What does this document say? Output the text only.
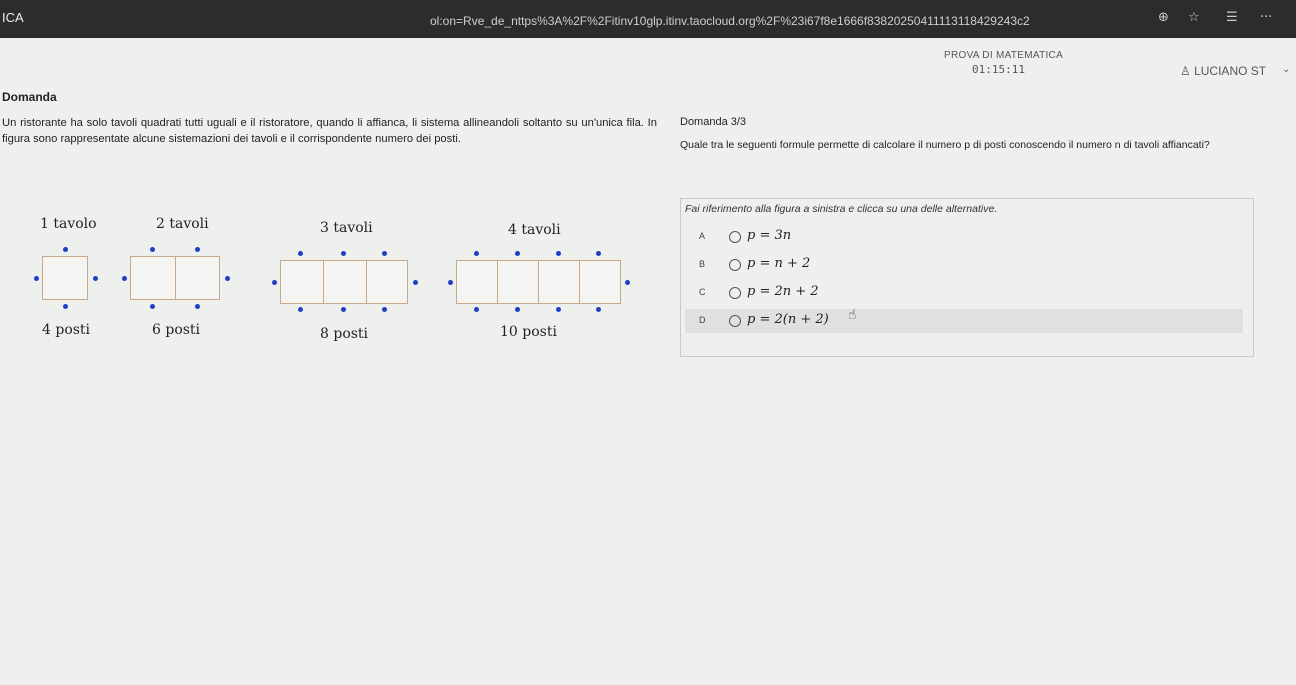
ICA	ol:on=Rve_de_nttps%3A%2F%2Fitinv10glp.itinv.taocloud.org%2F%23i67f8e1666f83820250411113118429243c2	⊕ ☆ ☰ ···
PROVA DI MATEMATICA
01:15:11	♙ LUCIANO ST ⌄
Domanda
Un ristorante ha solo tavoli quadrati tutti uguali e il ristoratore, quando li affianca, li sistema allineandoli soltanto su un'unica fila. In figura sono rappresentate alcune sistemazioni dei tavoli e il corrispondente numero dei posti.
1 tavolo
4 posti
2 tavoli
6 posti
3 tavoli
8 posti
4 tavoli
10 posti
Domanda 3/3
Quale tra le seguenti formule permette di calcolare il numero p di posti conoscendo il numero n di tavoli affiancati?
Fai riferimento alla figura a sinistra e clicca su una delle alternative.
A	p = 3n
B	p = n + 2
C	p = 2n + 2
D	p = 2(n + 2) ☝
